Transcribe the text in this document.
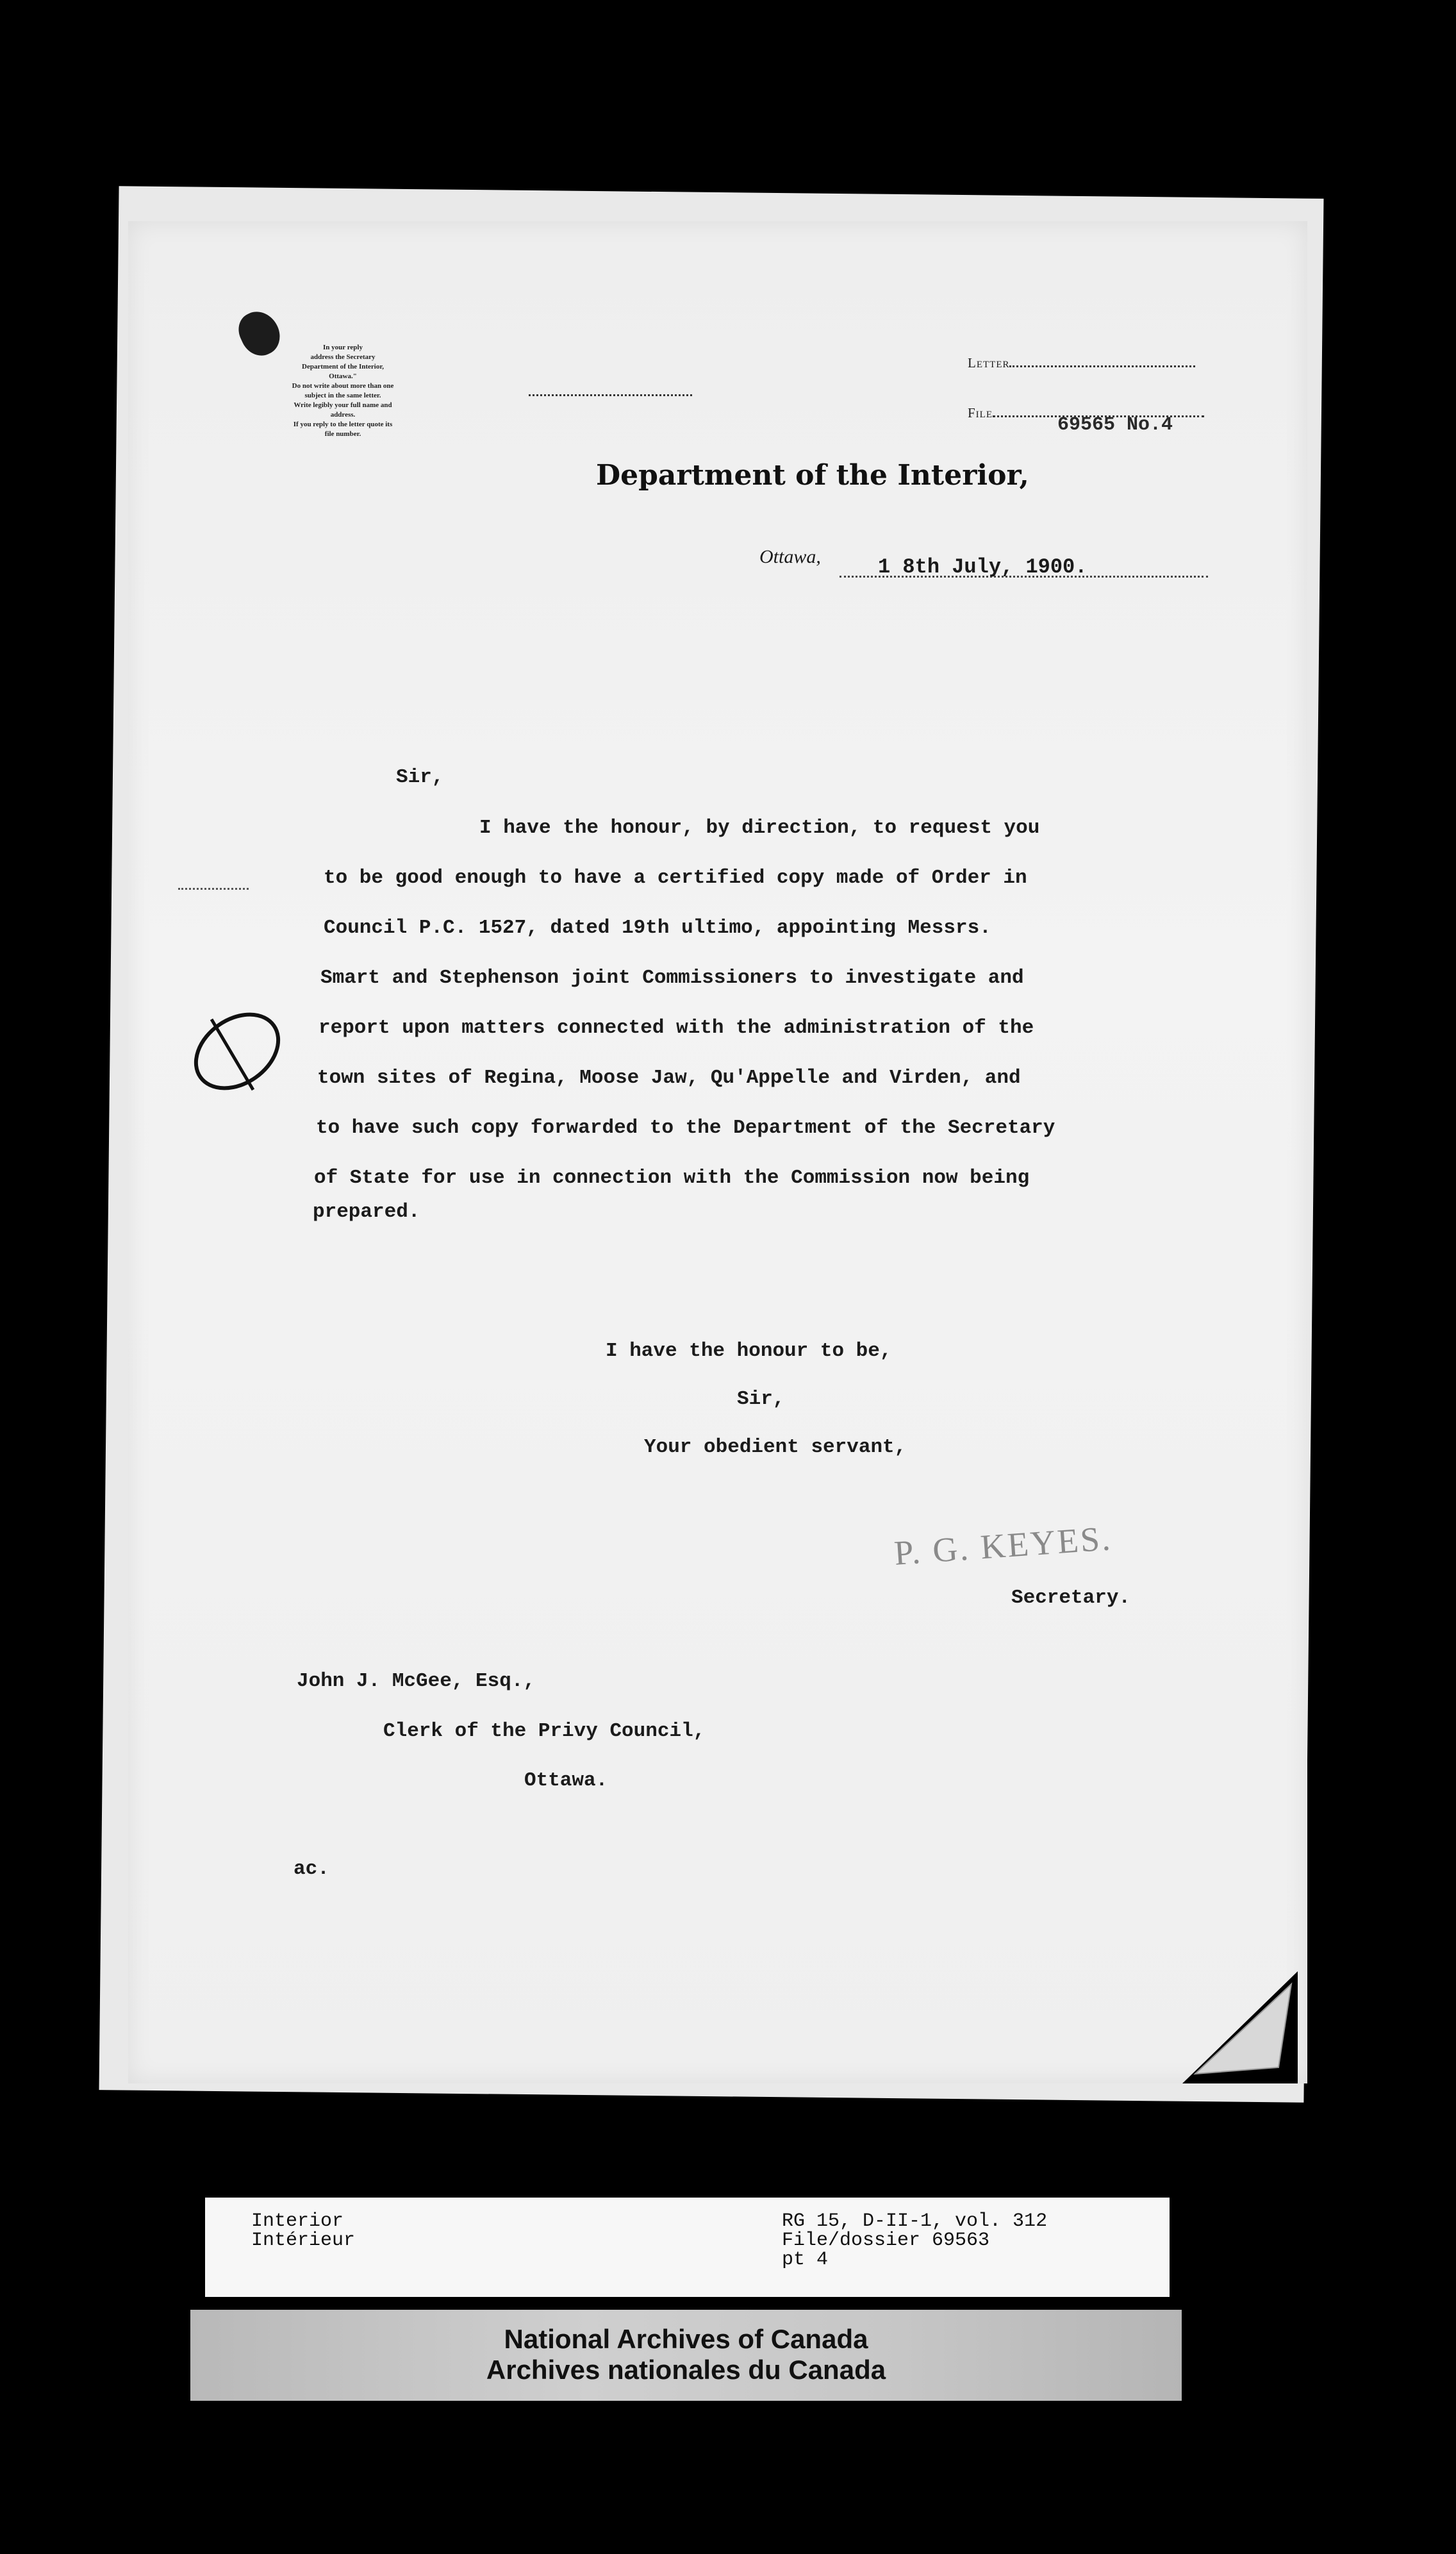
In your reply
address the Secretary
Department of the Interior,
Ottawa."
Do not write about more than one
subject in the same letter.
Write legibly your full name and
address.
If you reply to the letter quote its
file number.
Letter
File
69565 No.4
Department of the Interior,
Ottawa,	1 8th July, 1900.
Sir,
I have the honour, by direction, to request you
to be good enough to have a certified copy made of Order in
Council P.C. 1527, dated 19th ultimo, appointing Messrs.
Smart and Stephenson joint Commissioners to investigate and
report upon matters connected with the administration of the
town sites of Regina, Moose Jaw, Qu'Appelle and Virden, and
to have such copy forwarded to the Department of the Secretary
of State for use in connection with the Commission now being
prepared.
I have the honour to be,
Sir,
Your obedient servant,
P. G. KEYES.
Secretary.
John J. McGee, Esq.,
Clerk of the Privy Council,
Ottawa.
ac.
Interior
Intérieur
RG 15, D-II-1, vol. 312
File/dossier 69563
pt 4
National Archives of Canada
Archives nationales du Canada
